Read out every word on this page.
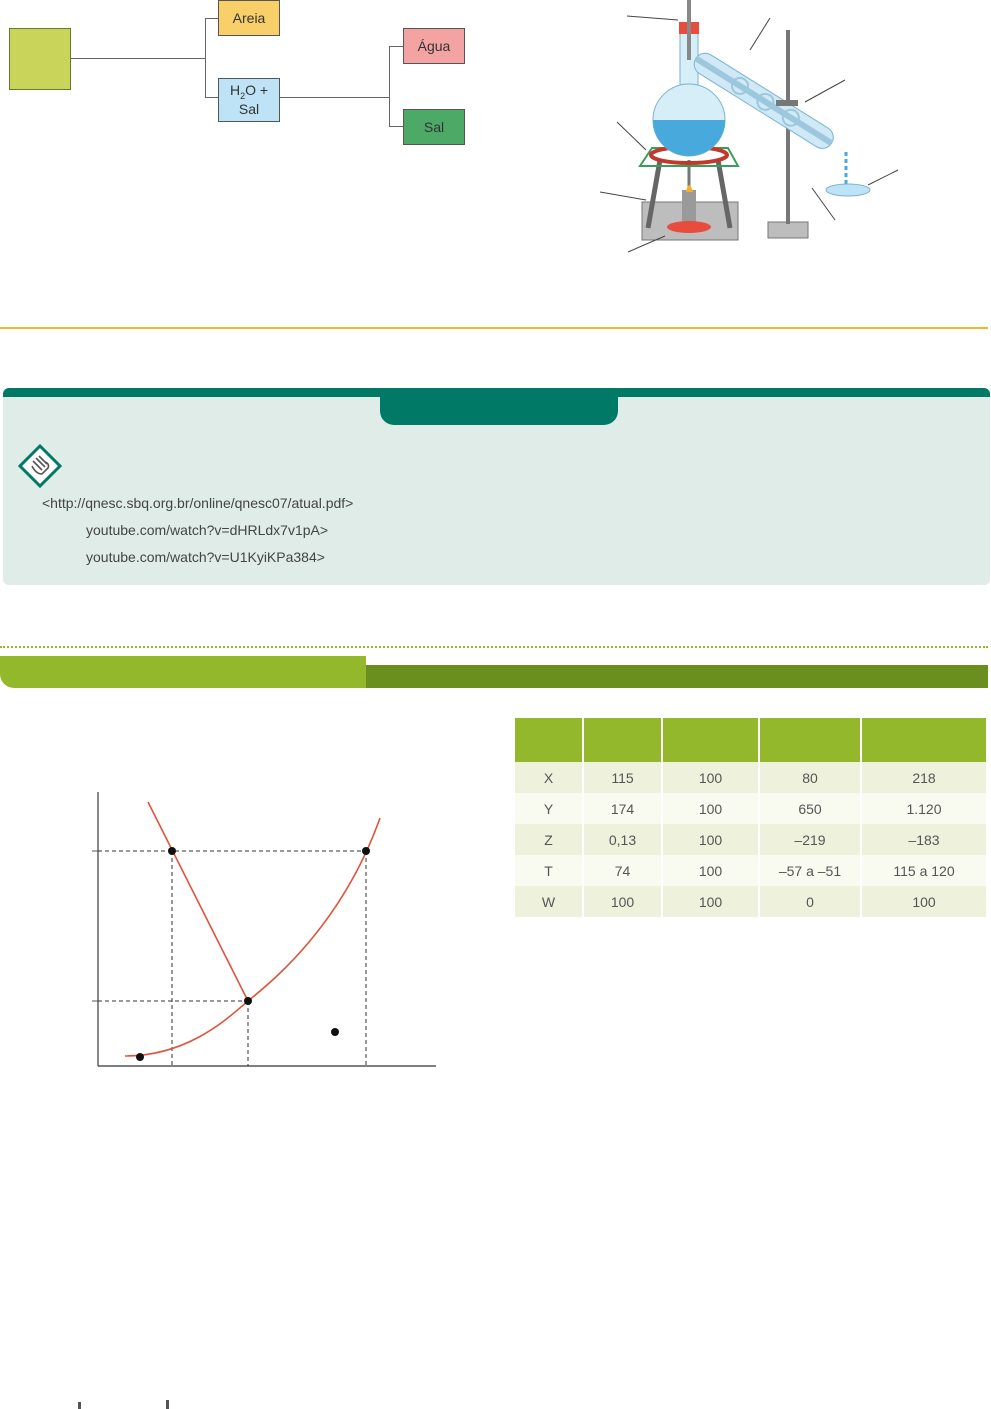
Areia
$H_2O$ +
Sal
Água
Sal
<http://qnesc.sbq.org.br/online/qnesc07/atual.pdf>
youtube.com/watch?v=dHRLdx7v1pA>
youtube.com/watch?v=U1KyiKPa384>

X	115	100	80	218
Y	174	100	650	1.120
Z	0,13	100	–219	–183
T	74	100	–57 a –51	115 a 120
W	100	100	0	100
